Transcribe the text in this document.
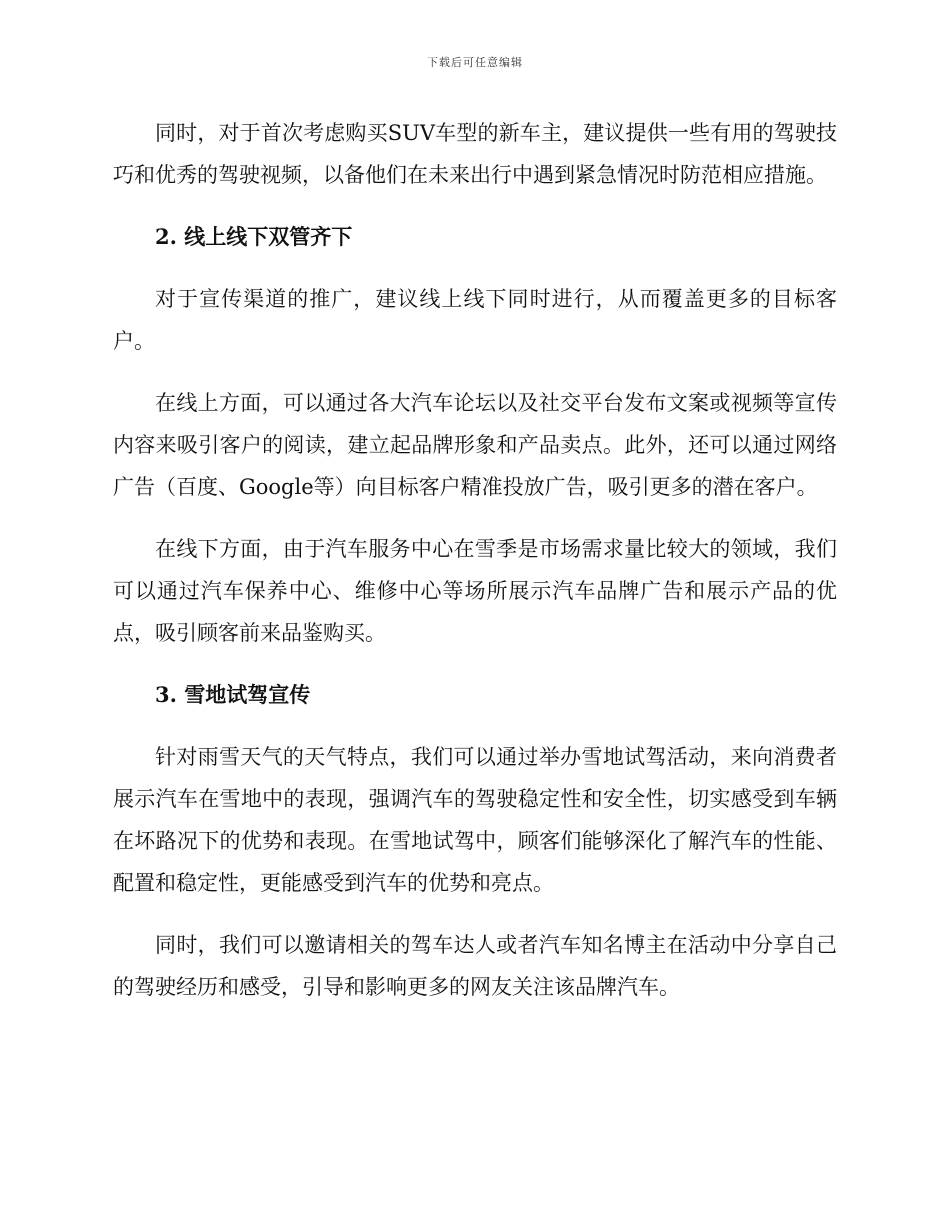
下载后可任意编辑

同时，对于首次考虑购买SUV车型的新车主，建议提供一些有用的驾驶技巧和优秀的驾驶视频，以备他们在未来出行中遇到紧急情况时防范相应措施。

2. 线上线下双管齐下

对于宣传渠道的推广，建议线上线下同时进行，从而覆盖更多的目标客户。

在线上方面，可以通过各大汽车论坛以及社交平台发布文案或视频等宣传内容来吸引客户的阅读，建立起品牌形象和产品卖点。此外，还可以通过网络广告（百度、Google等）向目标客户精准投放广告，吸引更多的潜在客户。

在线下方面，由于汽车服务中心在雪季是市场需求量比较大的领域，我们可以通过汽车保养中心、维修中心等场所展示汽车品牌广告和展示产品的优点，吸引顾客前来品鉴购买。

3. 雪地试驾宣传

针对雨雪天气的天气特点，我们可以通过举办雪地试驾活动，来向消费者展示汽车在雪地中的表现，强调汽车的驾驶稳定性和安全性，切实感受到车辆在坏路况下的优势和表现。在雪地试驾中，顾客们能够深化了解汽车的性能、配置和稳定性，更能感受到汽车的优势和亮点。

同时，我们可以邀请相关的驾车达人或者汽车知名博主在活动中分享自己的驾驶经历和感受，引导和影响更多的网友关注该品牌汽车。
